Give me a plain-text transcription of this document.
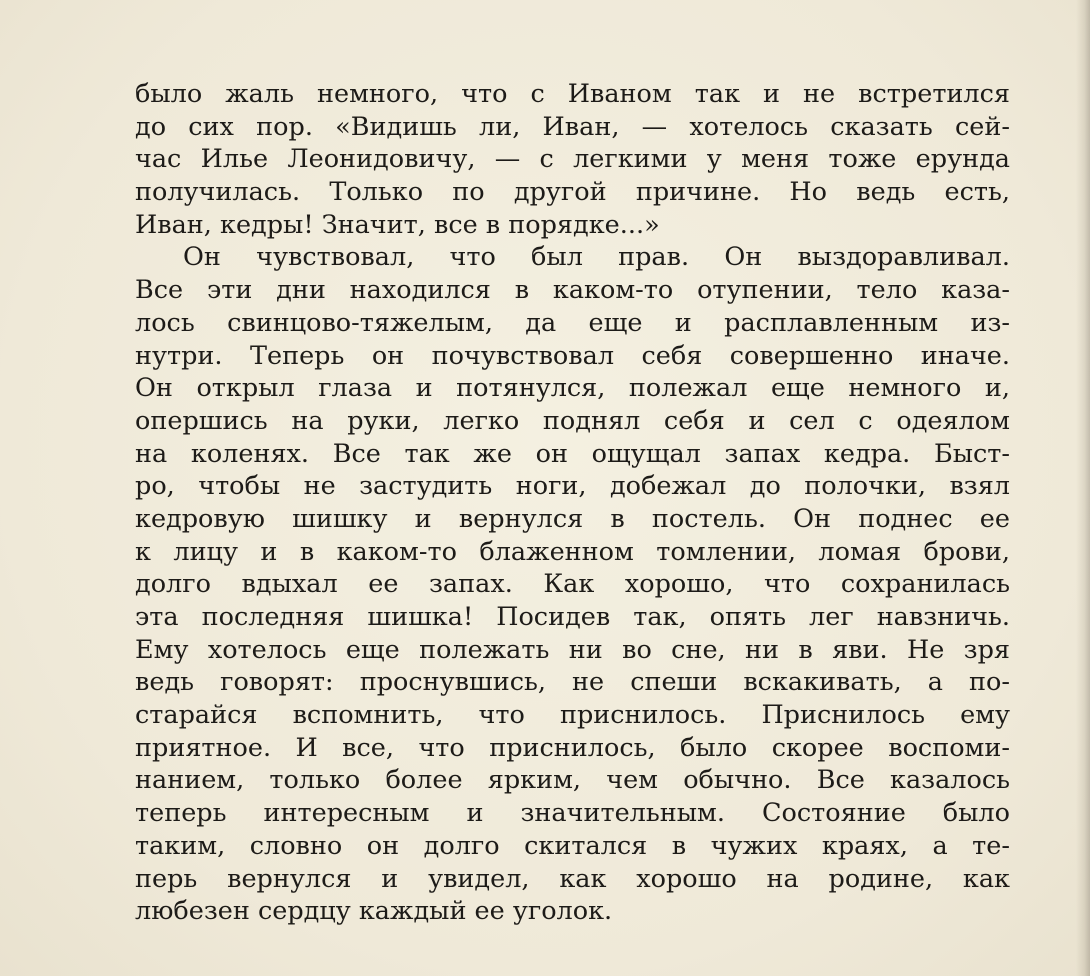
было жаль немного, что с Иваном так и не встретился
до сих пор. «Видишь ли, Иван, — хотелось сказать сей-
час Илье Леонидовичу, — с легкими у меня тоже ерунда
получилась. Только по другой причине. Но ведь есть,
Иван, кедры! Значит, все в порядке...»
Он чувствовал, что был прав. Он выздоравливал.
Все эти дни находился в каком-то отупении, тело каза-
лось свинцово-тяжелым, да еще и расплавленным из-
нутри. Теперь он почувствовал себя совершенно иначе.
Он открыл глаза и потянулся, полежал еще немного и,
опершись на руки, легко поднял себя и сел с одеялом
на коленях. Все так же он ощущал запах кедра. Быст-
ро, чтобы не застудить ноги, добежал до полочки, взял
кедровую шишку и вернулся в постель. Он поднес ее
к лицу и в каком-то блаженном томлении, ломая брови,
долго вдыхал ее запах. Как хорошо, что сохранилась
эта последняя шишка! Посидев так, опять лег навзничь.
Ему хотелось еще полежать ни во сне, ни в яви. Не зря
ведь говорят: проснувшись, не спеши вскакивать, а по-
старайся вспомнить, что приснилось. Приснилось ему
приятное. И все, что приснилось, было скорее воспоми-
нанием, только более ярким, чем обычно. Все казалось
теперь интересным и значительным. Состояние было
таким, словно он долго скитался в чужих краях, а те-
перь вернулся и увидел, как хорошо на родине, как
любезен сердцу каждый ее уголок.
